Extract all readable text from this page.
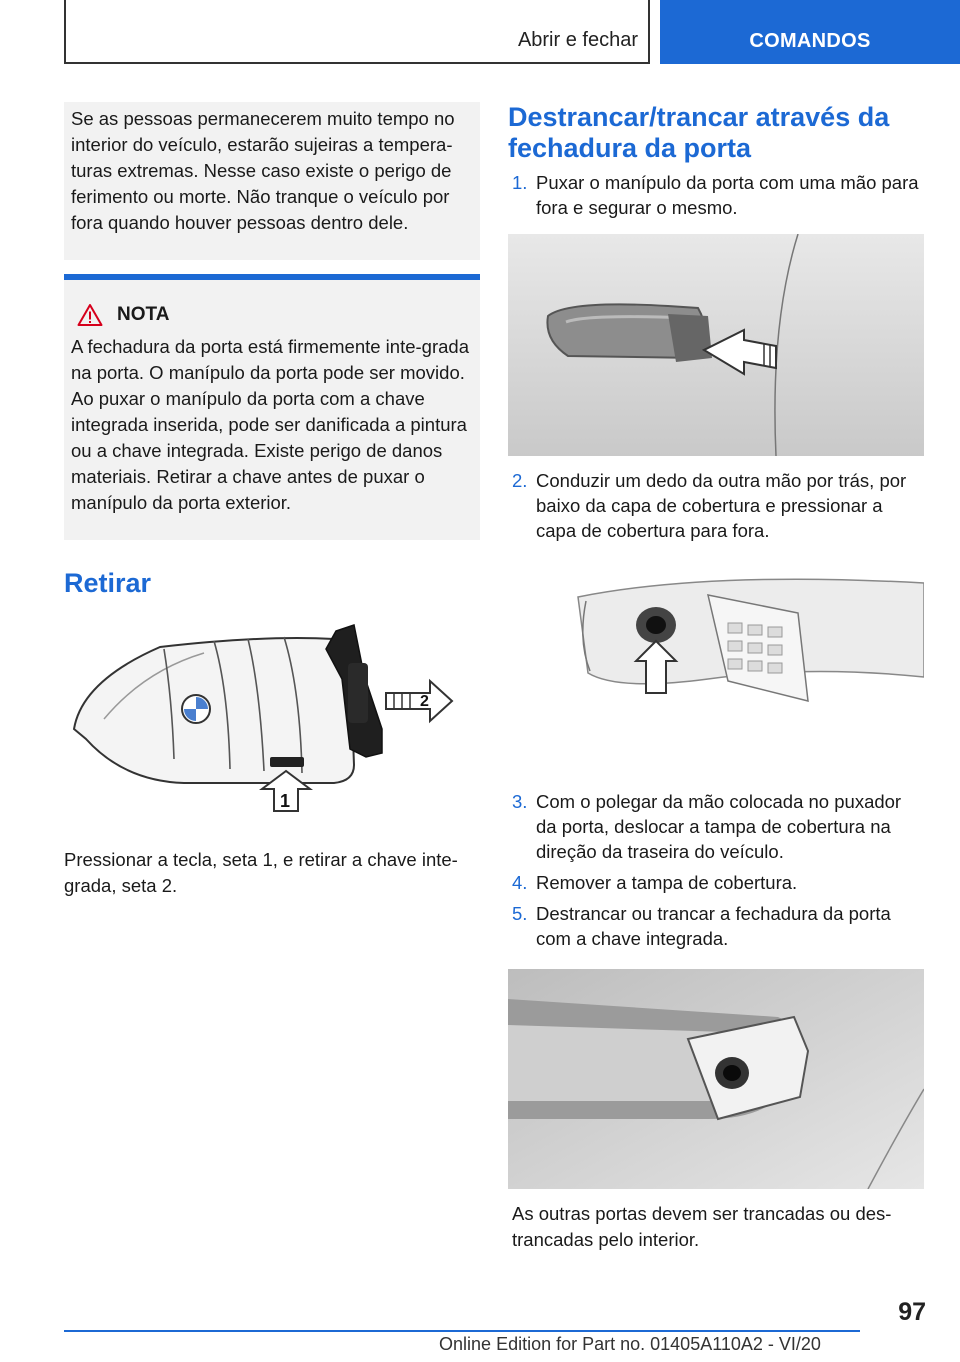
Abrir e fechar	COMANDOS

Se as pessoas permanecerem muito tempo no interior do veículo, estarão sujeiras a tempera-turas extremas. Nesse caso existe o perigo de ferimento ou morte. Não tranque o veículo por fora quando houver pessoas dentro dele.

NOTA

A fechadura da porta está firmemente inte-grada na porta. O manípulo da porta pode ser movido. Ao puxar o manípulo da porta com a chave integrada inserida, pode ser danificada a pintura ou a chave integrada. Existe perigo de danos materiais. Retirar a chave antes de puxar o manípulo da porta exterior.

Retirar
2
1

Pressionar a tecla, seta 1, e retirar a chave inte-grada, seta 2.

Destrancar/trancar através da fechadura da porta
1. Puxar o manípulo da porta com uma mão para fora e segurar o mesmo.
2. Conduzir um dedo da outra mão por trás, por baixo da capa de cobertura e pressionar a capa de cobertura para fora.
3. Com o polegar da mão colocada no puxador da porta, deslocar a tampa de cobertura na direção da traseira do veículo.
4. Remover a tampa de cobertura.
5. Destrancar ou trancar a fechadura da porta com a chave integrada.

As outras portas devem ser trancadas ou des-trancadas pelo interior.

97
Online Edition for Part no. 01405A110A2 - VI/20
